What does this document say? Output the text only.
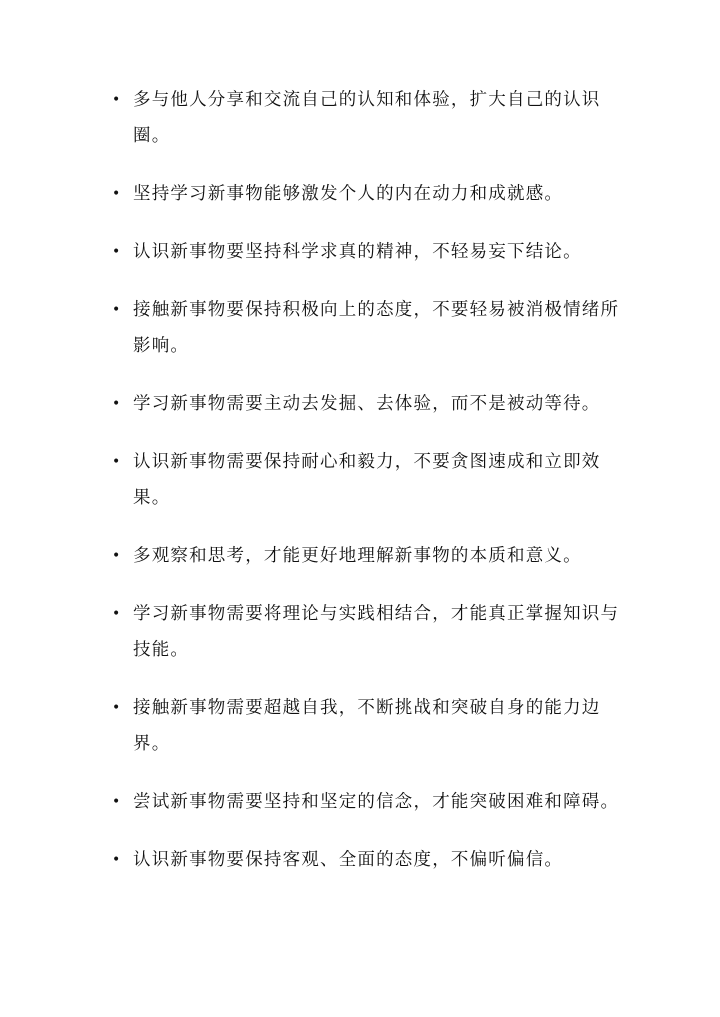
• 多与他人分享和交流自己的认知和体验，扩大自己的认识圈。
• 坚持学习新事物能够激发个人的内在动力和成就感。
• 认识新事物要坚持科学求真的精神，不轻易妄下结论。
• 接触新事物要保持积极向上的态度，不要轻易被消极情绪所影响。
• 学习新事物需要主动去发掘、去体验，而不是被动等待。
• 认识新事物需要保持耐心和毅力，不要贪图速成和立即效果。
• 多观察和思考，才能更好地理解新事物的本质和意义。
• 学习新事物需要将理论与实践相结合，才能真正掌握知识与技能。
• 接触新事物需要超越自我，不断挑战和突破自身的能力边界。
• 尝试新事物需要坚持和坚定的信念，才能突破困难和障碍。
• 认识新事物要保持客观、全面的态度，不偏听偏信。
